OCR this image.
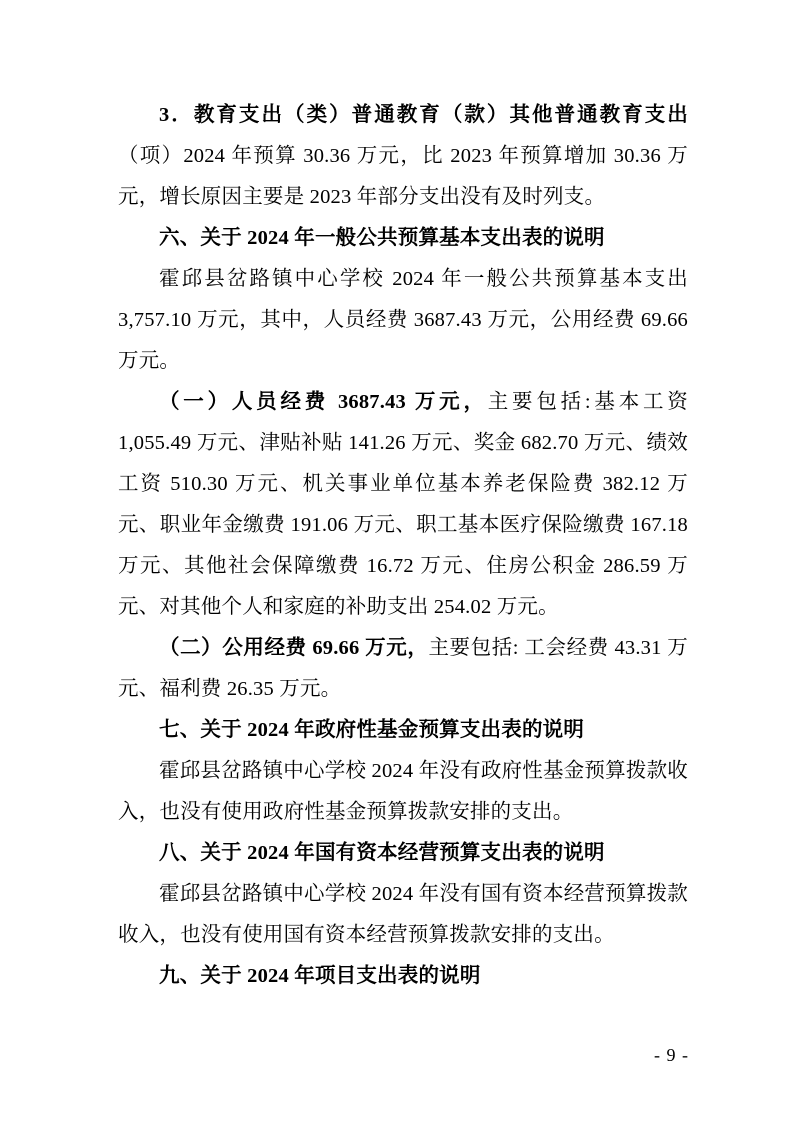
3．教育支出（类）普通教育（款）其他普通教育支出（项）2024 年预算 30.36 万元，比 2023 年预算增加 30.36 万元，增长原因主要是 2023 年部分支出没有及时列支。

六、关于 2024 年一般公共预算基本支出表的说明

霍邱县岔路镇中心学校 2024 年一般公共预算基本支出 3,757.10 万元，其中，人员经费 3687.43 万元，公用经费 69.66 万元。

（一）人员经费 3687.43 万元，主要包括:基本工资 1,055.49 万元、津贴补贴 141.26 万元、奖金 682.70 万元、绩效工资 510.30 万元、机关事业单位基本养老保险费 382.12 万元、职业年金缴费 191.06 万元、职工基本医疗保险缴费 167.18 万元、其他社会保障缴费 16.72 万元、住房公积金 286.59 万元、对其他个人和家庭的补助支出 254.02 万元。

（二）公用经费 69.66 万元，主要包括: 工会经费 43.31 万元、福利费 26.35 万元。

七、关于 2024 年政府性基金预算支出表的说明

霍邱县岔路镇中心学校 2024 年没有政府性基金预算拨款收入，也没有使用政府性基金预算拨款安排的支出。

八、关于 2024 年国有资本经营预算支出表的说明

霍邱县岔路镇中心学校 2024 年没有国有资本经营预算拨款收入，也没有使用国有资本经营预算拨款安排的支出。

九、关于 2024 年项目支出表的说明

- 9 -
